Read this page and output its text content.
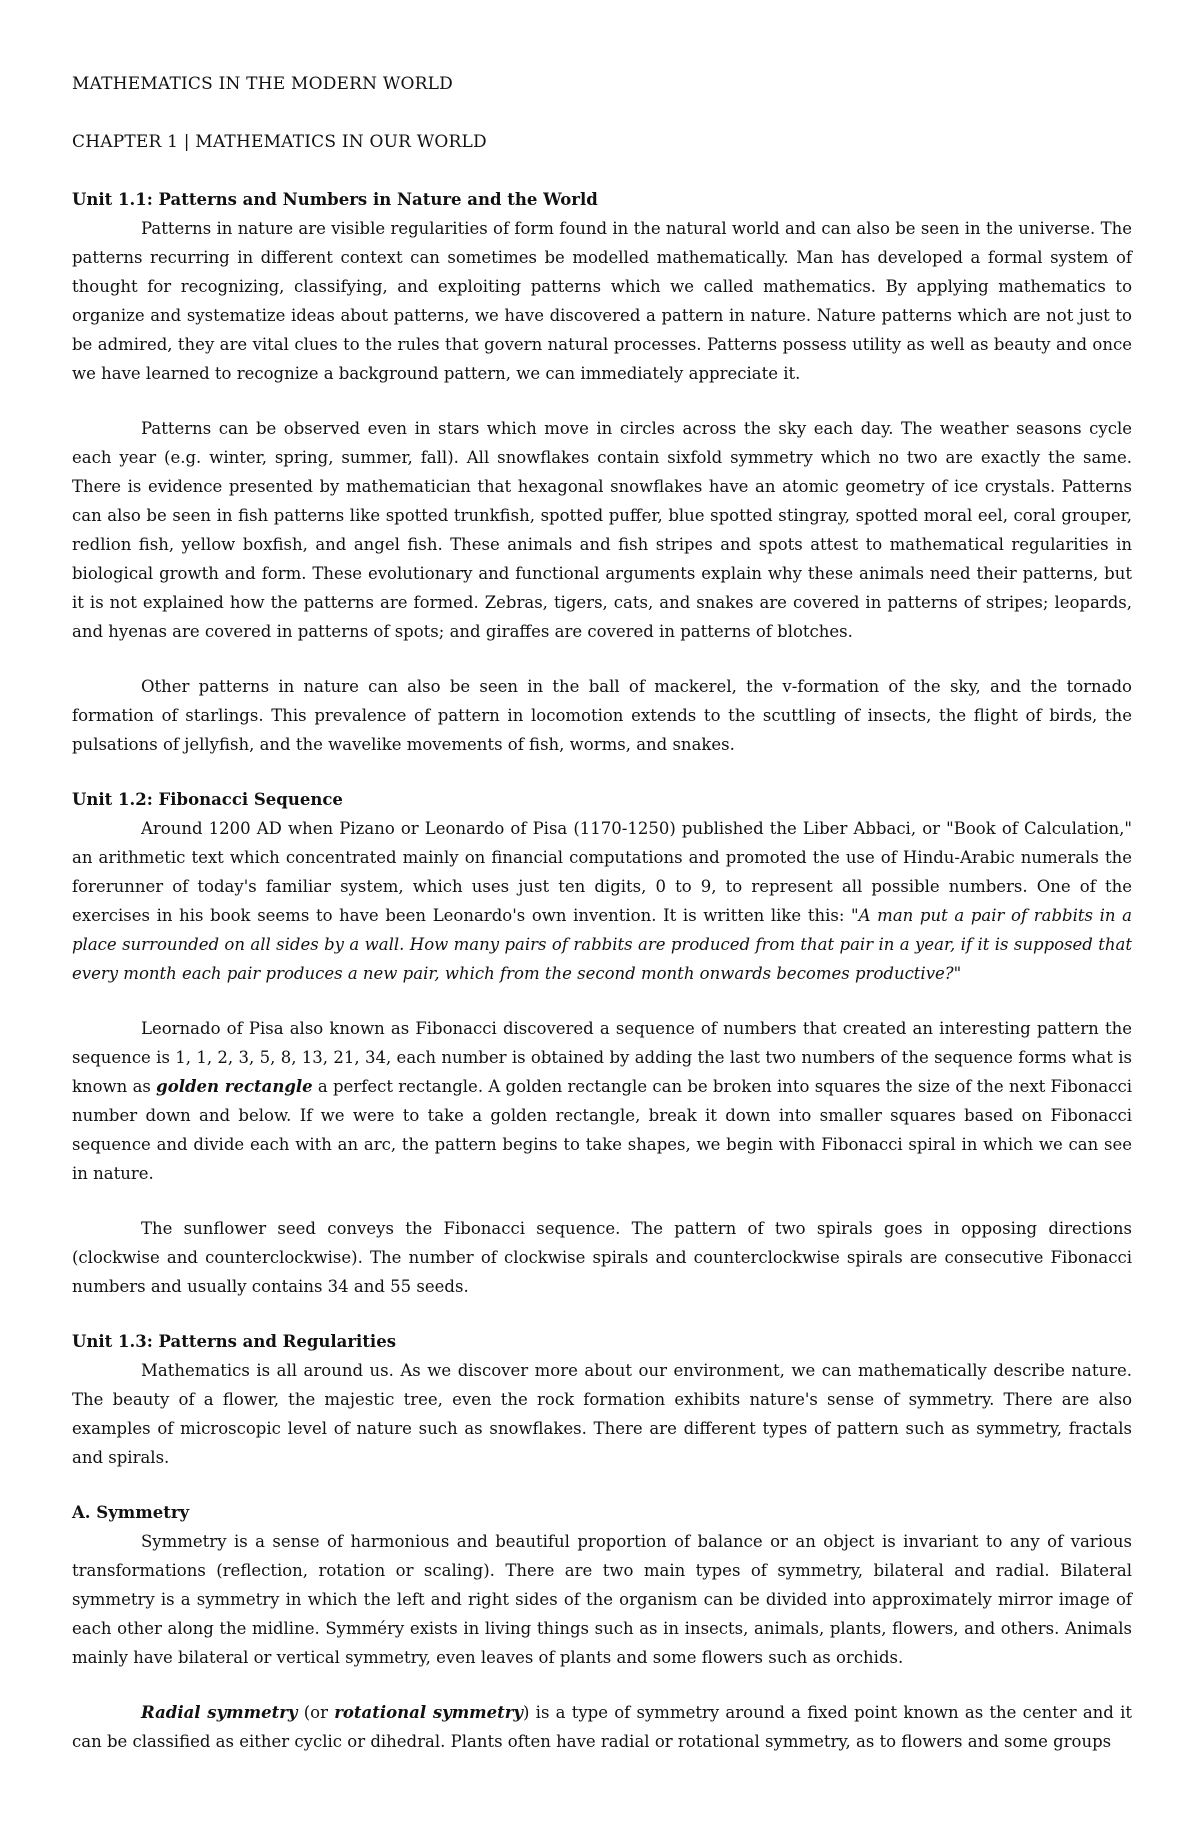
MATHEMATICS IN THE MODERN WORLD
CHAPTER 1 | MATHEMATICS IN OUR WORLD
Unit 1.1: Patterns and Numbers in Nature and the World

Patterns in nature are visible regularities of form found in the natural world and can also be seen in the universe. The patterns recurring in different context can sometimes be modelled mathematically. Man has developed a formal system of thought for recognizing, classifying, and exploiting patterns which we called mathematics. By applying mathematics to organize and systematize ideas about patterns, we have discovered a pattern in nature. Nature patterns which are not just to be admired, they are vital clues to the rules that govern natural processes. Patterns possess utility as well as beauty and once we have learned to recognize a background pattern, we can immediately appreciate it.

Patterns can be observed even in stars which move in circles across the sky each day. The weather seasons cycle each year (e.g. winter, spring, summer, fall). All snowflakes contain sixfold symmetry which no two are exactly the same. There is evidence presented by mathematician that hexagonal snowflakes have an atomic geometry of ice crystals. Patterns can also be seen in fish patterns like spotted trunkfish, spotted puffer, blue spotted stingray, spotted moral eel, coral grouper, redlion fish, yellow boxfish, and angel fish. These animals and fish stripes and spots attest to mathematical regularities in biological growth and form. These evolutionary and functional arguments explain why these animals need their patterns, but it is not explained how the patterns are formed. Zebras, tigers, cats, and snakes are covered in patterns of stripes; leopards, and hyenas are covered in patterns of spots; and giraffes are covered in patterns of blotches.

Other patterns in nature can also be seen in the ball of mackerel, the v-formation of the sky, and the tornado formation of starlings. This prevalence of pattern in locomotion extends to the scuttling of insects, the flight of birds, the pulsations of jellyfish, and the wavelike movements of fish, worms, and snakes.

Unit 1.2: Fibonacci Sequence

Around 1200 AD when Pizano or Leonardo of Pisa (1170-1250) published the Liber Abbaci, or "Book of Calculation," an arithmetic text which concentrated mainly on financial computations and promoted the use of Hindu-Arabic numerals the forerunner of today's familiar system, which uses just ten digits, 0 to 9, to represent all possible numbers. One of the exercises in his book seems to have been Leonardo's own invention. It is written like this: "A man put a pair of rabbits in a place surrounded on all sides by a wall. How many pairs of rabbits are produced from that pair in a year, if it is supposed that every month each pair produces a new pair, which from the second month onwards becomes productive?"

Leornado of Pisa also known as Fibonacci discovered a sequence of numbers that created an interesting pattern the sequence is 1, 1, 2, 3, 5, 8, 13, 21, 34, each number is obtained by adding the last two numbers of the sequence forms what is known as golden rectangle a perfect rectangle. A golden rectangle can be broken into squares the size of the next Fibonacci number down and below. If we were to take a golden rectangle, break it down into smaller squares based on Fibonacci sequence and divide each with an arc, the pattern begins to take shapes, we begin with Fibonacci spiral in which we can see in nature.

The sunflower seed conveys the Fibonacci sequence. The pattern of two spirals goes in opposing directions (clockwise and counterclockwise). The number of clockwise spirals and counterclockwise spirals are consecutive Fibonacci numbers and usually contains 34 and 55 seeds.

Unit 1.3: Patterns and Regularities

Mathematics is all around us. As we discover more about our environment, we can mathematically describe nature. The beauty of a flower, the majestic tree, even the rock formation exhibits nature's sense of symmetry. There are also examples of microscopic level of nature such as snowflakes. There are different types of pattern such as symmetry, fractals and spirals.

A. Symmetry

Symmetry is a sense of harmonious and beautiful proportion of balance or an object is invariant to any of various transformations (reflection, rotation or scaling). There are two main types of symmetry, bilateral and radial. Bilateral symmetry is a symmetry in which the left and right sides of the organism can be divided into approximately mirror image of each other along the midline. Symméry exists in living things such as in insects, animals, plants, flowers, and others. Animals mainly have bilateral or vertical symmetry, even leaves of plants and some flowers such as orchids.

Radial symmetry (or rotational symmetry) is a type of symmetry around a fixed point known as the center and it can be classified as either cyclic or dihedral. Plants often have radial or rotational symmetry, as to flowers and some groups
